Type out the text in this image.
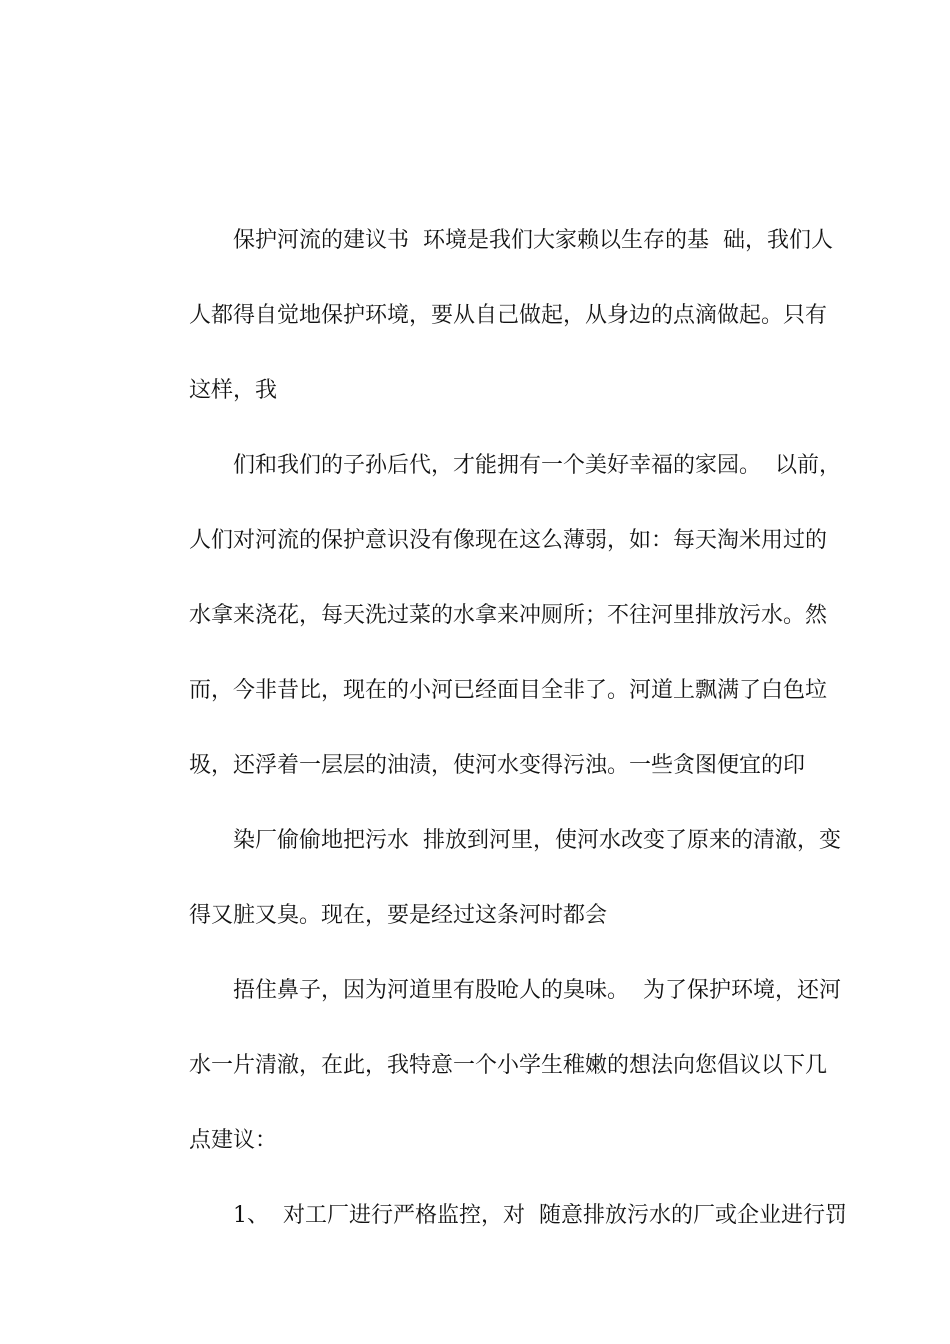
保护河流的建议书  环境是我们大家赖以生存的基  础，我们人
人都得自觉地保护环境，要从自己做起，从身边的点滴做起。只有
这样，我
们和我们的子孙后代，才能拥有一个美好幸福的家园。  以前，
人们对河流的保护意识没有像现在这么薄弱，如：每天淘米用过的
水拿来浇花，每天洗过菜的水拿来冲厕所；不往河里排放污水。然
而，今非昔比，现在的小河已经面目全非了。河道上飘满了白色垃
圾，还浮着一层层的油渍，使河水变得污浊。一些贪图便宜的印
染厂偷偷地把污水  排放到河里，使河水改变了原来的清澈，变
得又脏又臭。现在，要是经过这条河时都会
捂住鼻子，因为河道里有股呛人的臭味。  为了保护环境，还河
水一片清澈，在此，我特意一个小学生稚嫩的想法向您倡议以下几
点建议：
1、  对工厂进行严格监控，对  随意排放污水的厂或企业进行罚
